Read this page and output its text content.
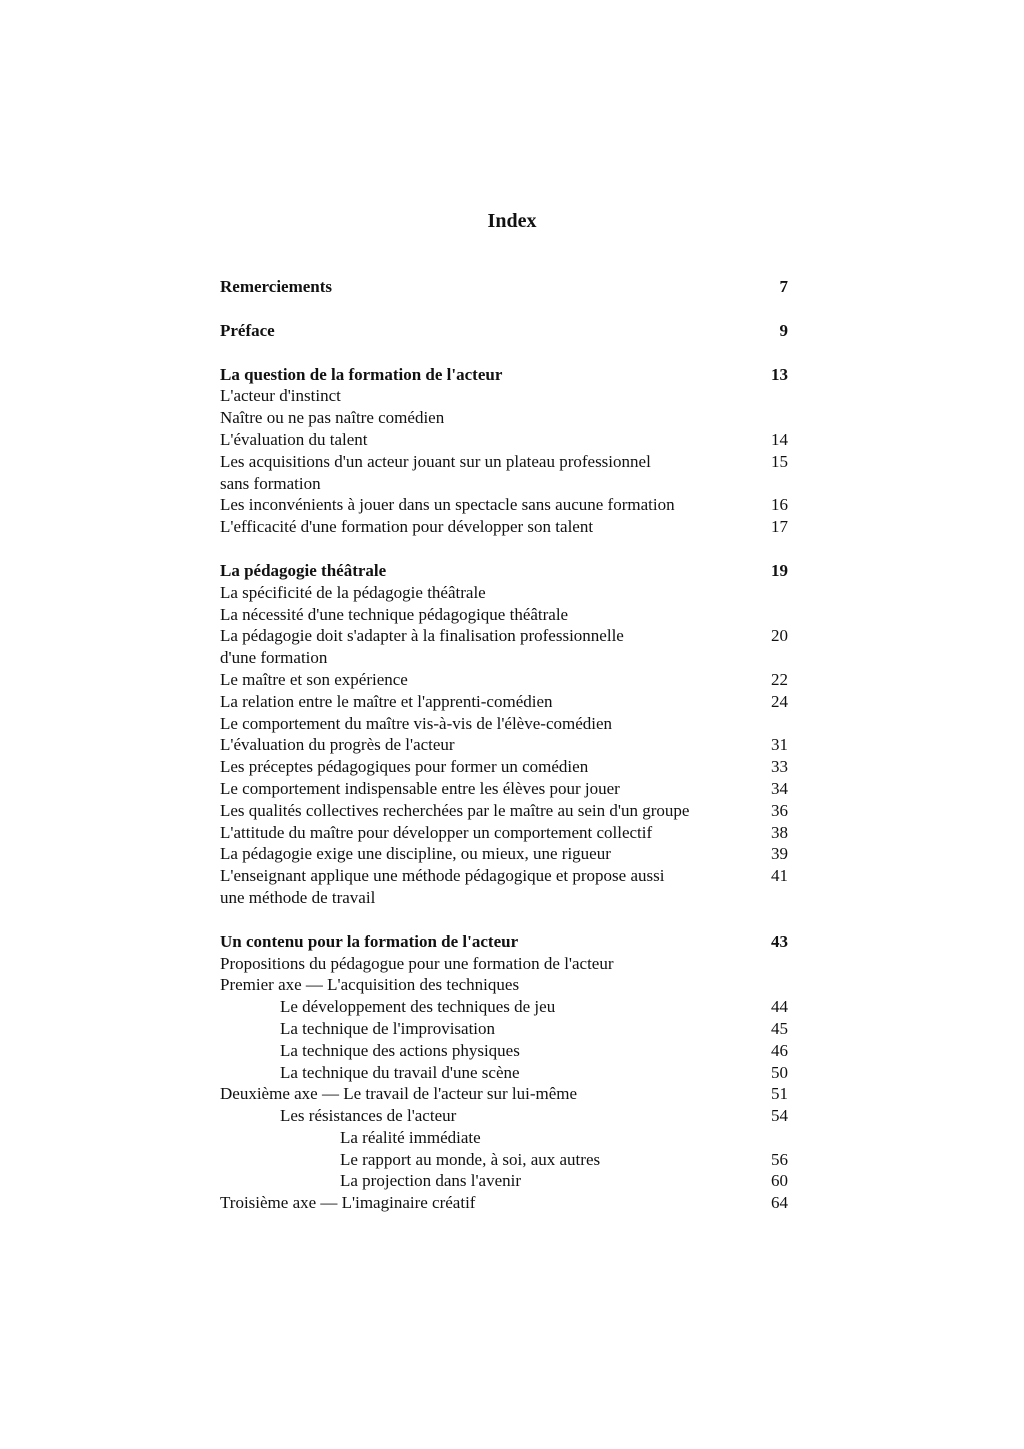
Index
Remerciements	7
Préface	9
La question de la formation de l'acteur	13
L'acteur d'instinct
Naître ou ne pas naître comédien
L'évaluation du talent	14
Les acquisitions d'un acteur jouant sur un plateau professionnel	15
sans formation
Les inconvénients à jouer dans un spectacle sans aucune formation	16
L'efficacité d'une formation pour développer son talent	17
La pédagogie théâtrale	19
La spécificité de la pédagogie théâtrale
La nécessité d'une technique pédagogique théâtrale
La pédagogie doit s'adapter à la finalisation professionnelle	20
d'une formation
Le maître et son expérience	22
La relation entre le maître et l'apprenti-comédien	24
Le comportement du maître vis-à-vis de l'élève-comédien
L'évaluation du progrès de l'acteur	31
Les préceptes pédagogiques pour former un comédien	33
Le comportement indispensable entre les élèves pour jouer	34
Les qualités collectives recherchées par le maître au sein d'un groupe	36
L'attitude du maître pour développer un comportement collectif	38
La pédagogie exige une discipline, ou mieux, une rigueur	39
L'enseignant applique une méthode pédagogique et propose aussi	41
une méthode de travail
Un contenu pour la formation de l'acteur	43
Propositions du pédagogue pour une formation de l'acteur
Premier axe — L'acquisition des techniques
Le développement des techniques de jeu	44
La technique de l'improvisation	45
La technique des actions physiques	46
La technique du travail d'une scène	50
Deuxième axe — Le travail de l'acteur sur lui-même	51
Les résistances de l'acteur	54
La réalité immédiate
Le rapport au monde, à soi, aux autres	56
La projection dans l'avenir	60
Troisième axe — L'imaginaire créatif	64
